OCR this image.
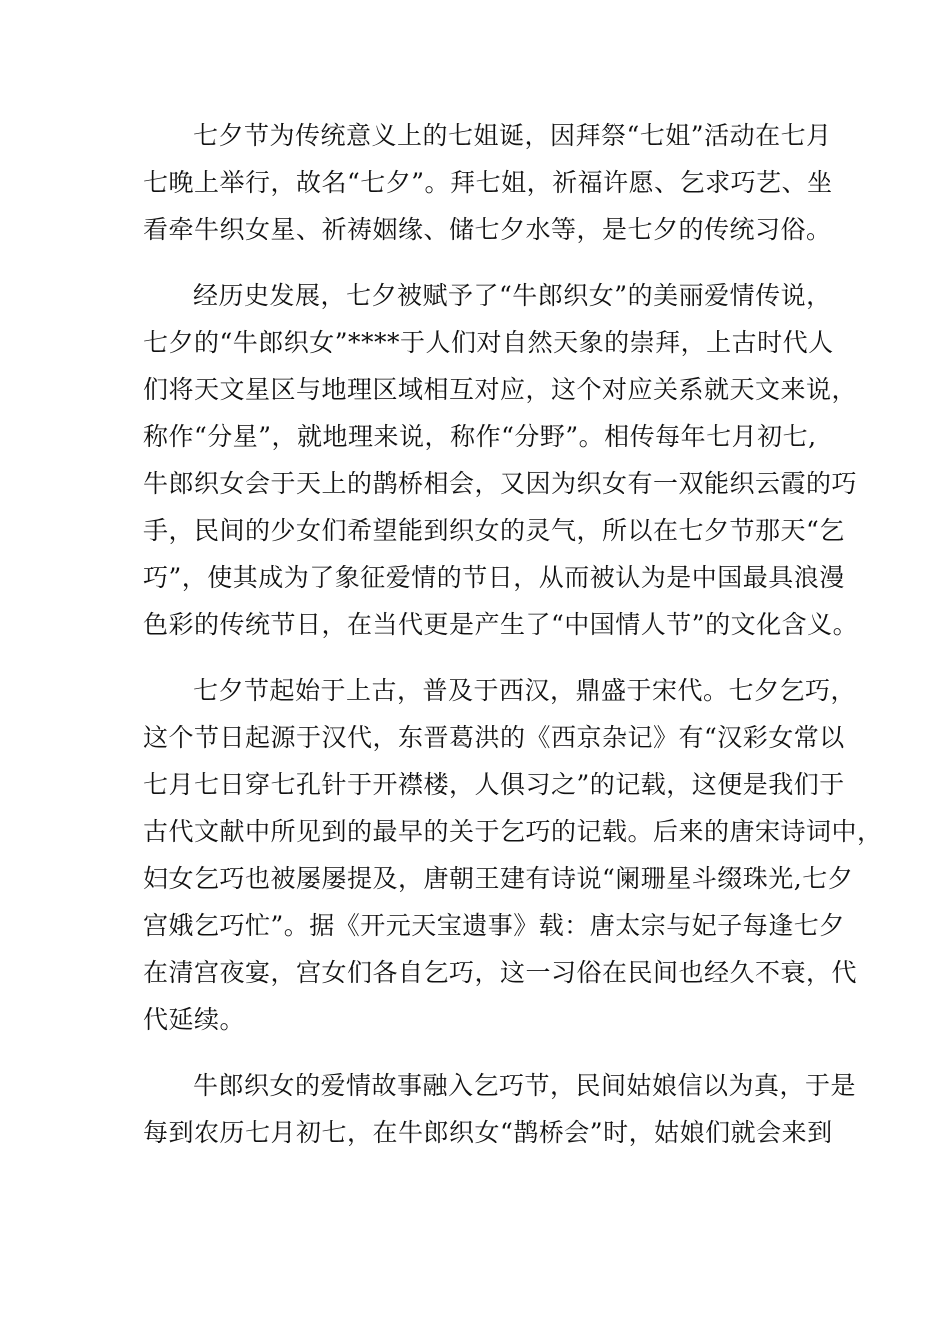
七夕节为传统意义上的七姐诞，因拜祭“七姐”活动在七月
七晚上举行，故名“七夕”。拜七姐，祈福许愿、乞求巧艺、坐
看牵牛织女星、祈祷姻缘、储七夕水等，是七夕的传统习俗。

经历史发展，七夕被赋予了“牛郎织女”的美丽爱情传说，
七夕的“牛郎织女”****于人们对自然天象的崇拜，上古时代人
们将天文星区与地理区域相互对应，这个对应关系就天文来说，
称作“分星”，就地理来说，称作“分野”。相传每年七月初七,
牛郎织女会于天上的鹊桥相会，又因为织女有一双能织云霞的巧
手，民间的少女们希望能到织女的灵气，所以在七夕节那天“乞
巧”，使其成为了象征爱情的节日，从而被认为是中国最具浪漫
色彩的传统节日，在当代更是产生了“中国情人节”的文化含义。

七夕节起始于上古，普及于西汉，鼎盛于宋代。七夕乞巧，
这个节日起源于汉代，东晋葛洪的《西京杂记》有“汉彩女常以
七月七日穿七孔针于开襟楼，人俱习之”的记载，这便是我们于
古代文献中所见到的最早的关于乞巧的记载。后来的唐宋诗词中，
妇女乞巧也被屡屡提及，唐朝王建有诗说“阑珊星斗缀珠光,七夕
宫娥乞巧忙”。据《开元天宝遗事》载：唐太宗与妃子每逢七夕
在清宫夜宴，宫女们各自乞巧，这一习俗在民间也经久不衰，代
代延续。

牛郎织女的爱情故事融入乞巧节，民间姑娘信以为真，于是
每到农历七月初七，在牛郎织女“鹊桥会”时，姑娘们就会来到
